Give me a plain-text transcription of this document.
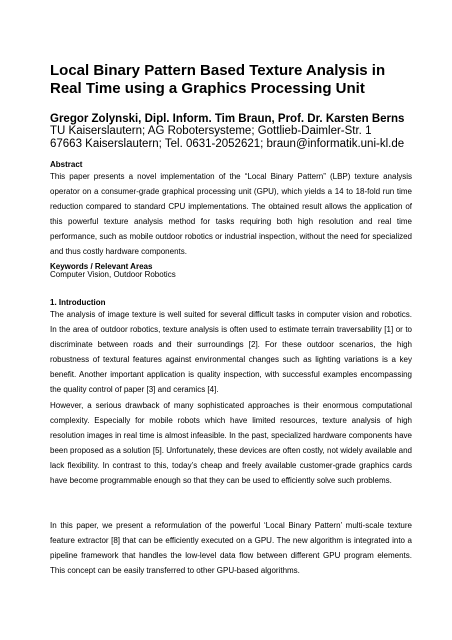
Local Binary Pattern Based Texture Analysis in Real Time using a Graphics Processing Unit
Gregor Zolynski, Dipl. Inform. Tim Braun, Prof. Dr. Karsten Berns
TU Kaiserslautern; AG Robotersysteme; Gottlieb-Daimler-Str. 1
67663 Kaiserslautern; Tel. 0631-2052621; braun@informatik.uni-kl.de
Abstract

This paper presents a novel implementation of the “Local Binary Pattern” (LBP) texture analysis operator on a consumer-grade graphical processing unit (GPU), which yields a 14 to 18-fold run time reduction compared to standard CPU implementations. The obtained result allows the application of this powerful texture analysis method for tasks requiring both high resolution and real time performance, such as mobile outdoor robotics or industrial inspection, without the need for specialized and thus costly hardware components.

Keywords / Relevant Areas

Computer Vision, Outdoor Robotics

1. Introduction

The analysis of image texture is well suited for several difficult tasks in computer vision and robotics. In the area of outdoor robotics, texture analysis is often used to estimate terrain traversability [1] or to discriminate between roads and their surroundings [2]. For these outdoor scenarios, the high robustness of textural features against environmental changes such as lighting variations is a key benefit. Another important application is quality inspection, with successful examples encompassing the quality control of paper [3] and ceramics [4].

However, a serious drawback of many sophisticated approaches is their enormous computational complexity. Especially for mobile robots which have limited resources, texture analysis of high resolution images in real time is almost infeasible. In the past, specialized hardware components have been proposed as a solution [5]. Unfortunately, these devices are often costly, not widely available and lack flexibility. In contrast to this, today’s cheap and freely available customer-grade graphics cards have become programmable enough so that they can be used to efficiently solve such problems.

In this paper, we present a reformulation of the powerful ‘Local Binary Pattern’ multi-scale texture feature extractor [8] that can be efficiently executed on a GPU. The new algorithm is integrated into a pipeline framework that handles the low-level data flow between different GPU program elements. This concept can be easily transferred to other GPU-based algorithms.
